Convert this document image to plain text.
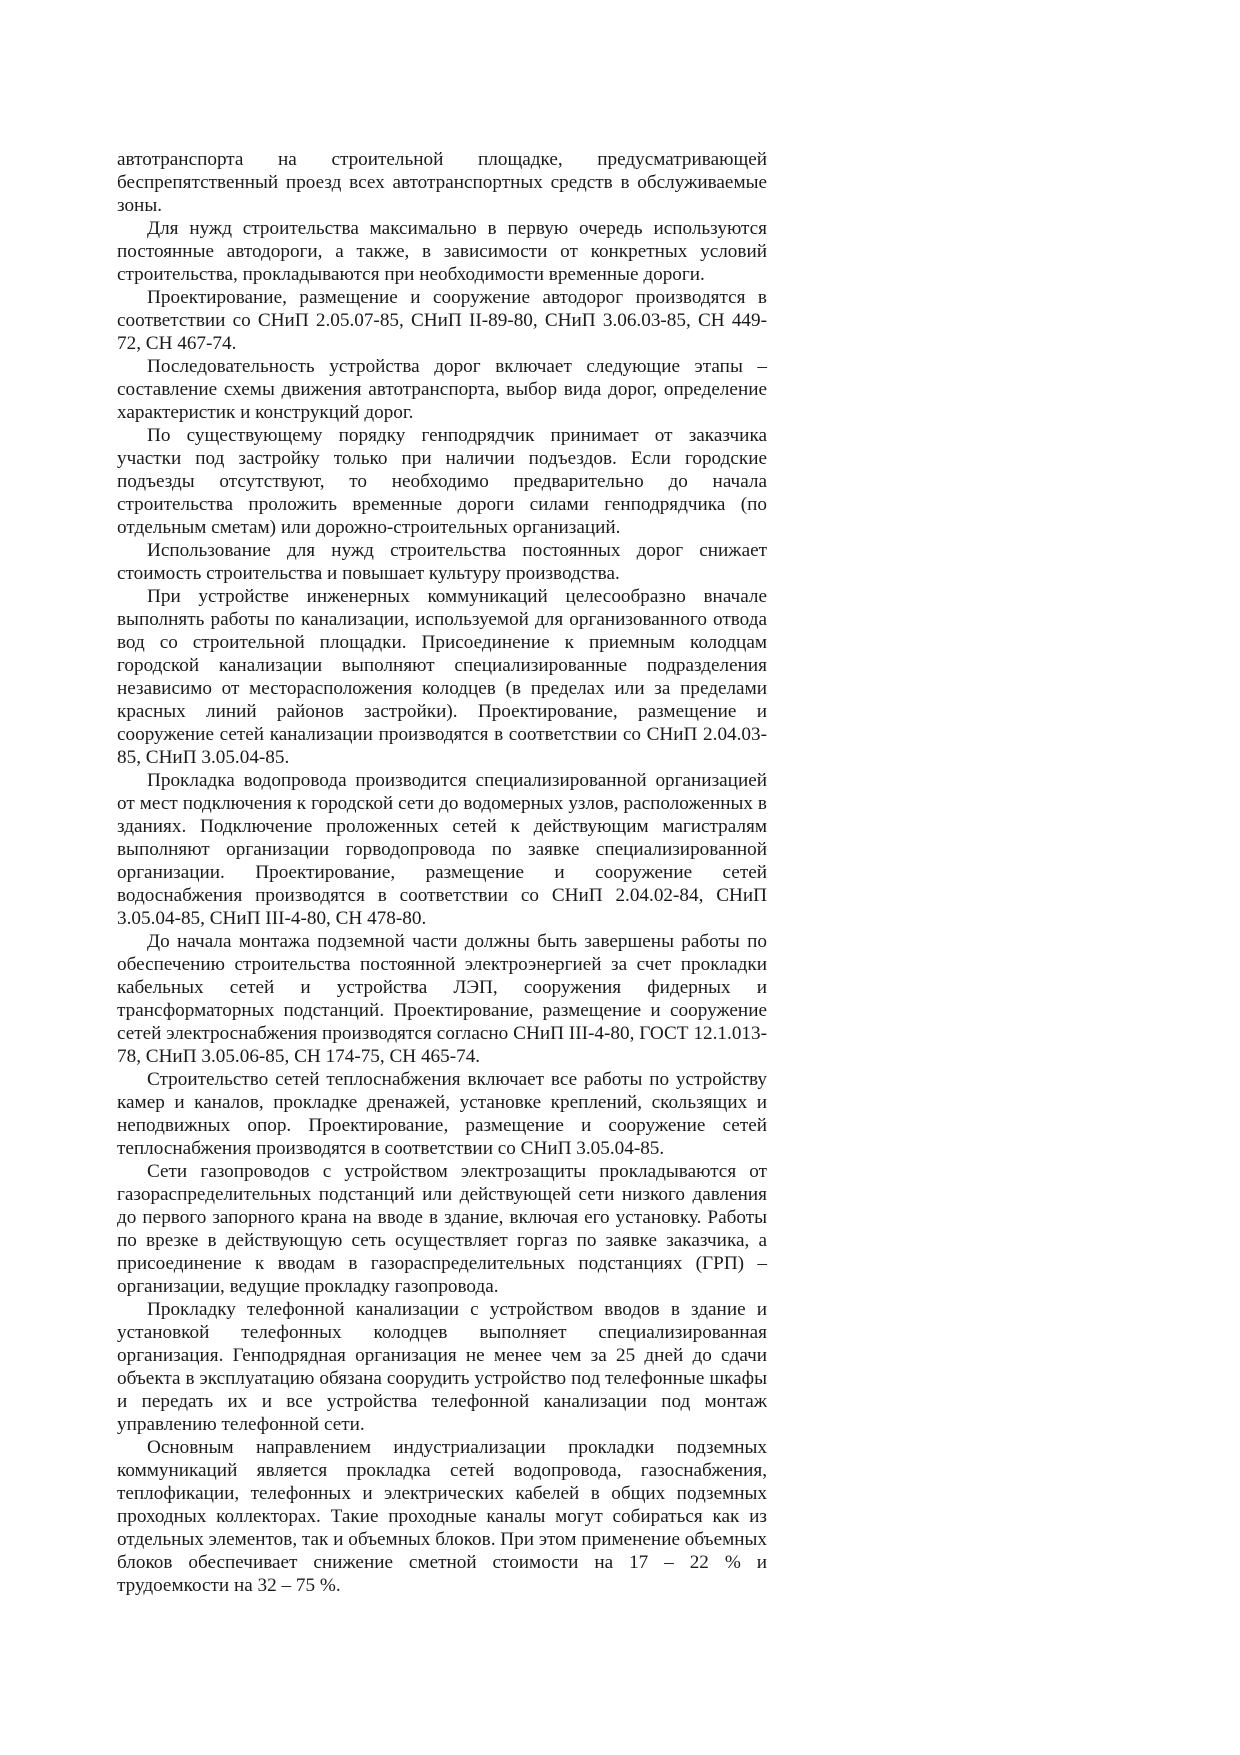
автотранспорта на строительной площадке, предусматривающей беспрепятственный проезд всех автотранспортных средств в обслуживаемые зоны.

Для нужд строительства максимально в первую очередь используются постоянные автодороги, а также, в зависимости от конкретных условий строительства, прокладываются при необходимости временные дороги.

Проектирование, размещение и сооружение автодорог производятся в соответствии со СНиП 2.05.07-85, СНиП II-89-80, СНиП 3.06.03-85, СН 449-72, СН 467-74.

Последовательность устройства дорог включает следующие этапы – составление схемы движения автотранспорта, выбор вида дорог, определение характеристик и конструкций дорог.

По существующему порядку генподрядчик принимает от заказчика участки под застройку только при наличии подъездов. Если городские подъезды отсутствуют, то необходимо предварительно до начала строительства проложить временные дороги силами генподрядчика (по отдельным сметам) или дорожно-строительных организаций.

Использование для нужд строительства постоянных дорог снижает стоимость строительства и повышает культуру производства.

При устройстве инженерных коммуникаций целесообразно вначале выполнять работы по канализации, используемой для организованного отвода вод со строительной площадки. Присоединение к приемным колодцам городской канализации выполняют специализированные подразделения независимо от месторасположения колодцев (в пределах или за пределами красных линий районов застройки). Проектирование, размещение и сооружение сетей канализации производятся в соответствии со СНиП 2.04.03-85, СНиП 3.05.04-85.

Прокладка водопровода производится специализированной организацией от мест подключения к городской сети до водомерных узлов, расположенных в зданиях. Подключение проложенных сетей к действующим магистралям выполняют организации горводопровода по заявке специализированной организации. Проектирование, размещение и сооружение сетей водоснабжения производятся в соответствии со СНиП 2.04.02-84, СНиП 3.05.04-85, СНиП III-4-80, СН 478-80.

До начала монтажа подземной части должны быть завершены работы по обеспечению строительства постоянной электроэнергией за счет прокладки кабельных сетей и устройства ЛЭП, сооружения фидерных и трансформаторных подстанций. Проектирование, размещение и сооружение сетей электроснабжения производятся согласно СНиП III-4-80, ГОСТ 12.1.013-78, СНиП 3.05.06-85, СН 174-75, СН 465-74.

Строительство сетей теплоснабжения включает все работы по устройству камер и каналов, прокладке дренажей, установке креплений, скользящих и неподвижных опор. Проектирование, размещение и сооружение сетей теплоснабжения производятся в соответствии со СНиП 3.05.04-85.

Сети газопроводов с устройством электрозащиты прокладываются от газораспределительных подстанций или действующей сети низкого давления до первого запорного крана на вводе в здание, включая его установку. Работы по врезке в действующую сеть осуществляет горгаз по заявке заказчика, а присоединение к вводам в газораспределительных подстанциях (ГРП) – организации, ведущие прокладку газопровода.

Прокладку телефонной канализации с устройством вводов в здание и установкой телефонных колодцев выполняет специализированная организация. Генподрядная организация не менее чем за 25 дней до сдачи объекта в эксплуатацию обязана соорудить устройство под телефонные шкафы и передать их и все устройства телефонной канализации под монтаж управлению телефонной сети.

Основным направлением индустриализации прокладки подземных коммуникаций является прокладка сетей водопровода, газоснабжения, теплофикации, телефонных и электрических кабелей в общих подземных проходных коллекторах. Такие проходные каналы могут собираться как из отдельных элементов, так и объемных блоков. При этом применение объемных блоков обеспечивает снижение сметной стоимости на 17 – 22 % и трудоемкости на 32 – 75 %.
